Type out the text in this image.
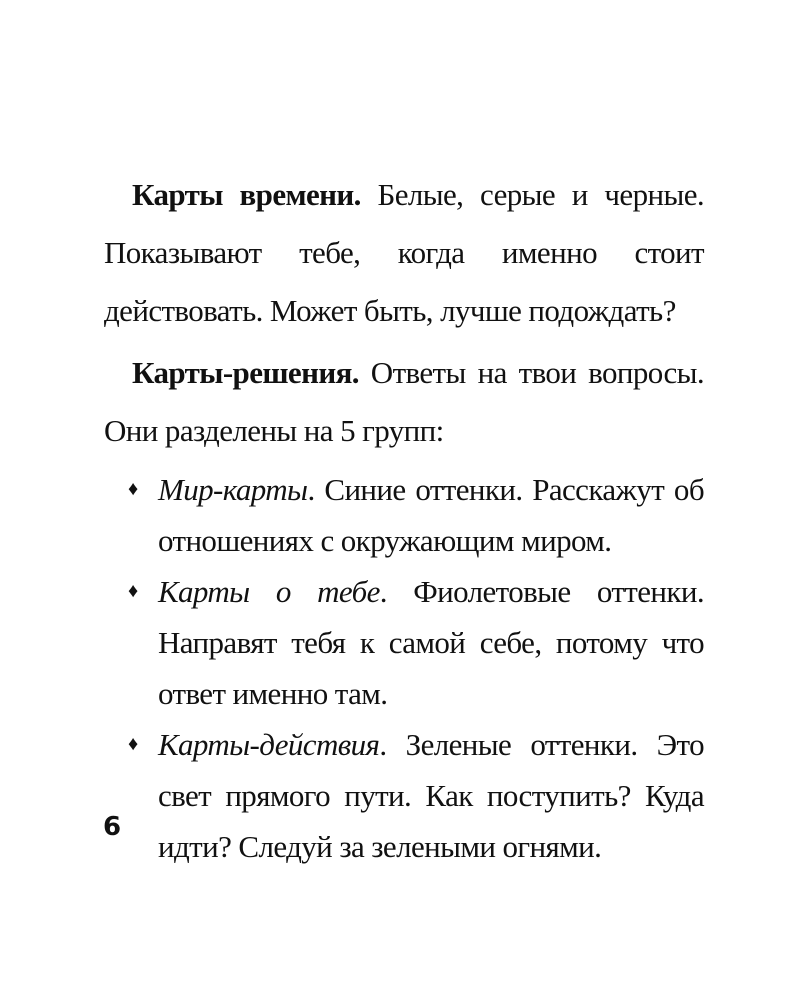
Карты времени. Белые, серые и черные. Показывают тебе, когда именно стоит действовать. Может быть, лучше подождать?

Карты-решения. Ответы на твои вопросы. Они разделены на 5 групп:

♦ Мир-карты. Синие оттенки. Расскажут об отношениях с окружающим миром.
♦ Карты о тебе. Фиолетовые оттенки. Направят тебя к самой себе, потому что ответ именно там.
♦ Карты-действия. Зеленые оттенки. Это свет прямого пути. Как поступить? Куда идти? Следуй за зелеными огнями.
6
